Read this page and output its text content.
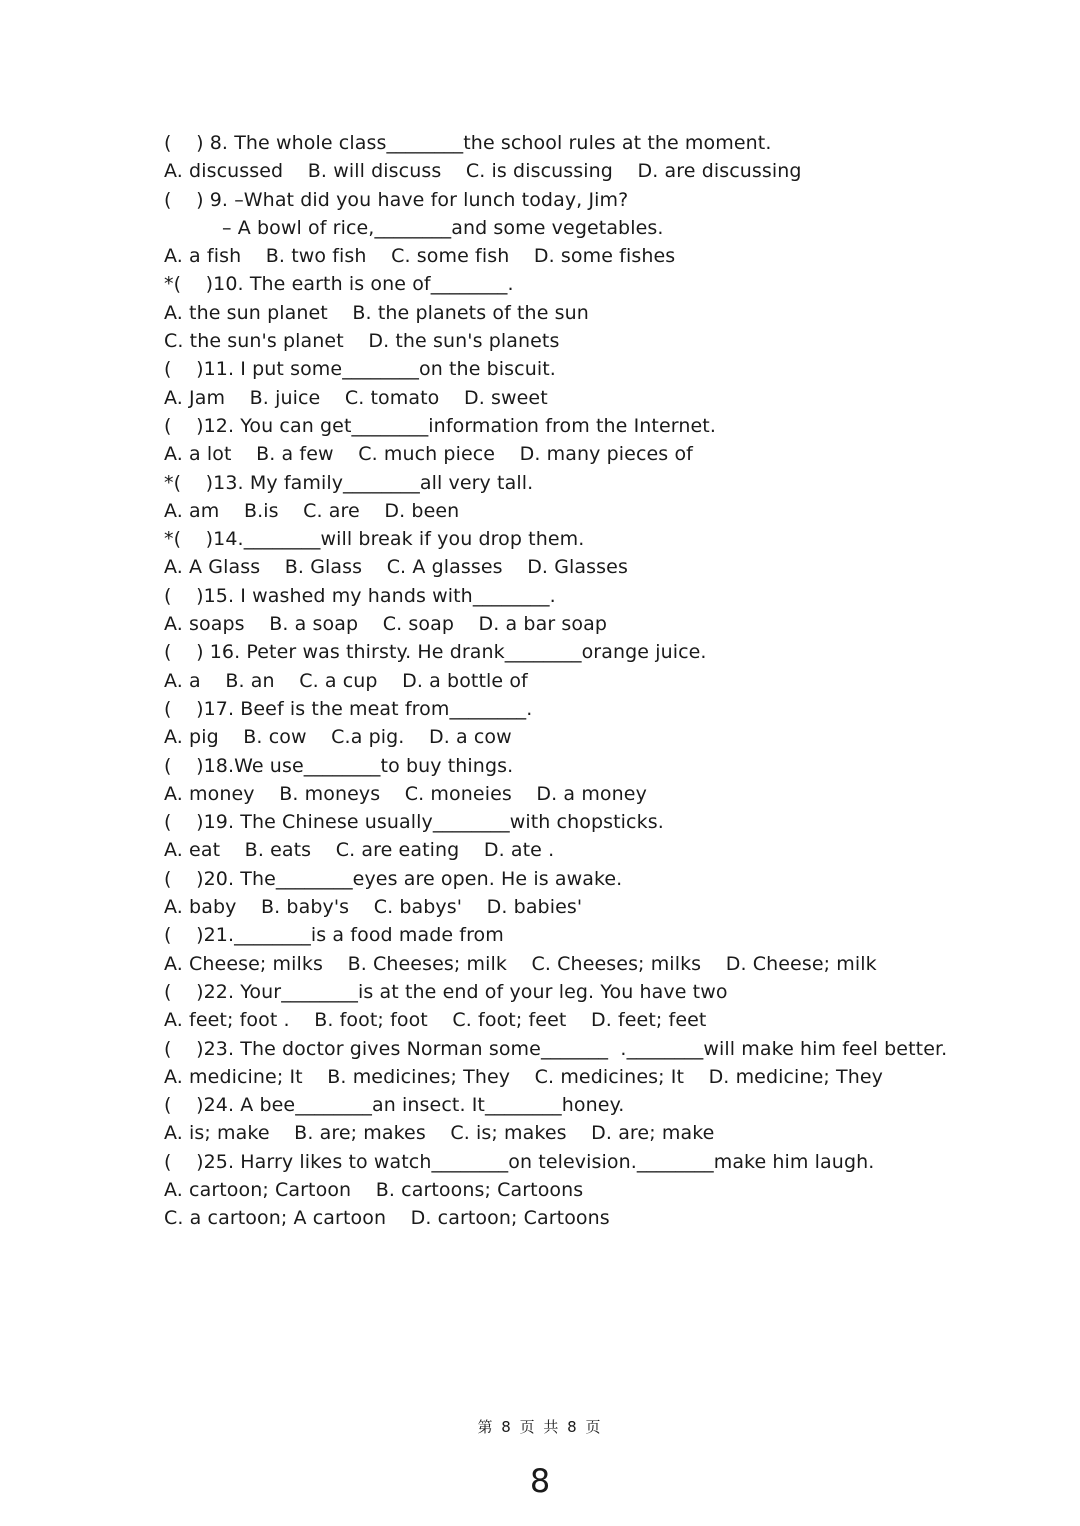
(    ) 8. The whole class________the school rules at the moment.
A. discussed    B. will discuss    C. is discussing    D. are discussing
(    ) 9. –What did you have for lunch today, Jim?
– A bowl of rice,________and some vegetables.
A. a fish    B. two fish    C. some fish    D. some fishes
*(    )10. The earth is one of________.
A. the sun planet    B. the planets of the sun
C. the sun's planet    D. the sun's planets
(    )11. I put some________on the biscuit.
A. Jam    B. juice    C. tomato    D. sweet
(    )12. You can get________information from the Internet.
A. a lot    B. a few    C. much piece    D. many pieces of
*(    )13. My family________all very tall.
A. am    B.is    C. are    D. been
*(    )14.________will break if you drop them.
A. A Glass    B. Glass    C. A glasses    D. Glasses
(    )15. I washed my hands with________.
A. soaps    B. a soap    C. soap    D. a bar soap
(    ) 16. Peter was thirsty. He drank________orange juice.
A. a    B. an    C. a cup    D. a bottle of
(    )17. Beef is the meat from________.
A. pig    B. cow    C.a pig.    D. a cow
(    )18.We use________to buy things.
A. money    B. moneys    C. moneies    D. a money
(    )19. The Chinese usually________with chopsticks.
A. eat    B. eats    C. are eating    D. ate .
(    )20. The________eyes are open. He is awake.
A. baby    B. baby's    C. babys'    D. babies'
(    )21.________is a food made from
A. Cheese; milks    B. Cheeses; milk    C. Cheeses; milks    D. Cheese; milk
(    )22. Your________is at the end of your leg. You have two
A. feet; foot .    B. foot; foot    C. foot; feet    D. feet; feet
(    )23. The doctor gives Norman some_______  .________will make him feel better.
A. medicine; It    B. medicines; They    C. medicines; It    D. medicine; They
(    )24. A bee________an insect. It________honey.
A. is; make    B. are; makes    C. is; makes    D. are; make
(    )25. Harry likes to watch________on television.________make him laugh.
A. cartoon; Cartoon    B. cartoons; Cartoons
C. a cartoon; A cartoon    D. cartoon; Cartoons
第 8 页 共 8 页
8
